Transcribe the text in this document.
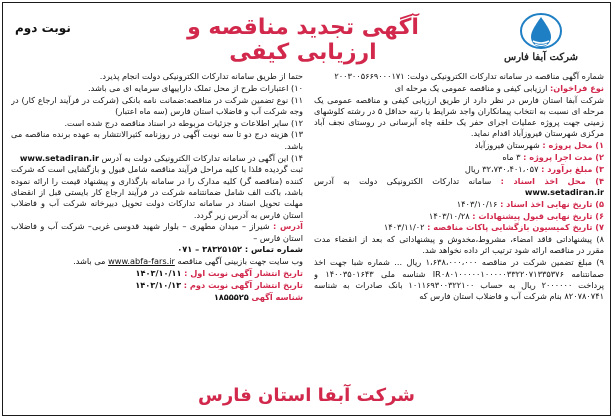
نوبت دوم	آگهی تجدید مناقصه و ارزیابی کیفی	شرکت آبفا فارس

شماره آگهی مناقصه در سامانه تدارکات الکترونیکی دولت: ۲۰۰۳۰۰۵۶۶۹۰۰۰۱۷۱

نوع فراخوان: ارزیابی کیفی و مناقصه عمومی یک مرحله ای

شرکت آبفا استان فارس در نظر دارد از طریق ارزیابی کیفی و مناقصه عمومی یک مرحله ای نسبت به انتخاب پیمانکاران واجد شرایط با رتبه حداقل ۵ در رشته کلوشهای زمینی جهت پروژه عملیات اجرای حفر یک حلقه چاه آبرسانی در روستای نجف آباد مرکزی شهرستان فیروزآباد اقدام نماید.

۱) محل پروژه : شهرستان فیروزآباد

۲) مدت اجرا پروژه : ۳ ماه

۳) مبلغ برآورد : ۳۲،۷۳۰،۴۰۱،۰۵۷ ریال

۴) محل اخذ اسناد : سامانه تدارکات الکترونیکی دولت به آدرس www.setadiran.ir

۵) تاریخ نهایی اخذ اسناد : ۱۴۰۳/۱۰/۱۶

۶) تاریخ نهایی قبول پیشنهادات : ۱۴۰۳/۱۰/۲۸

۷) تاریخ کمیسیون بازگشایی پاکات مناقصه : ۱۴۰۳/۱۱/۰۲

۸) پیشنهاداتی فاقد امضاء، مشروط،مخدوش و پیشنهاداتی که بعد از انقضاء مدت مقرر در مناقصه ارائه شود ترتیب اثر داده نخواهد شد.

۹) مبلغ تضمین شرکت در مناقصه ۱،۶۳۸،۰۰۰،۰۰۰ ریال ... شماره شبا جهت اخذ صمانتنامه IR۰۸۰۱۰۰۰۰۰۱۰۰۰۰۰۳۳۲۲۰۷۱۳۳۵۳۷۶ شناسه ملی ۱۴۰۰۳۵۰۱۶۴۳ و پرداخت ۲۰۰۰۰۰۰ ریال به حساب ۱۰۱۱۶۹۳۰۰۳۲۲۱۰۰ بانک صادرات به شناسه ۸۲۰۷۸۰۷۴۱ بنام شرکت آب و فاضلاب استان فارس که

حتما از طریق سامانه تدارکات الکترونیکی دولت انجام پذیرد.

۱۰) اعتبارات طرح از محل تملک داراییهای سرمایه ای می باشد.

۱۱) نوع تضمین شرکت در مناقصه:ضمانت نامه بانکی (شرکت در فرآیند ارجاع کار) در وجه شرکت آب و فاضلاب استان فارس (سه ماه اعتبار)

۱۲) سایر اطلاعات و جزئیات مربوطه در اسناد مناقصه درج شده است.

۱۳) هزینه درج دو تا سه نوبت آگهی در روزنامه کثیرالانتشار به عهده برنده مناقصه می باشد.

۱۴) این آگهی در سامانه تدارکات الکترونیکی دولت به آدرس www.setadiran.ir

ثبت گردیده فلذا با کلیه مراحل فرآیند مناقصه شامل قبول و بازگشایی است که شرکت کننده (مناقصه گر) کلیه مدارک را در سامانه بارگذاری و پیشنهاد قیمت را ارائه نموده باشد، باکت الف شامل ضمانتنامه شرکت در فرآیند ارجاع کار بایستی قبل از انقضای مهلت تحویل اسناد در سامانه تدارکات دولت تحویل دبیرخانه شرکت آب و فاضلاب استان فارس به آدرس زیر گردد.

آدرس : شیراز – میدان مطهری – بلوار شهید قدوسی غربی– شرکت آب و فاضلاب استان فارس –

شماره تماس : ۳۸۳۲۵۱۵۲ – ۰۷۱

وب سایت جهت بازبینی آگهی مناقصه www.abfa-fars.ir می باشد.

تاریخ انتشار آگهی نوبت اول : ۱۴۰۳/۱۰/۱۱

تاریخ انتشار آگهی نوبت دوم : ۱۴۰۳/۱۰/۱۳

شناسه آگهی ۱۸۵۵۵۲۵

شرکت آبفا استان فارس
